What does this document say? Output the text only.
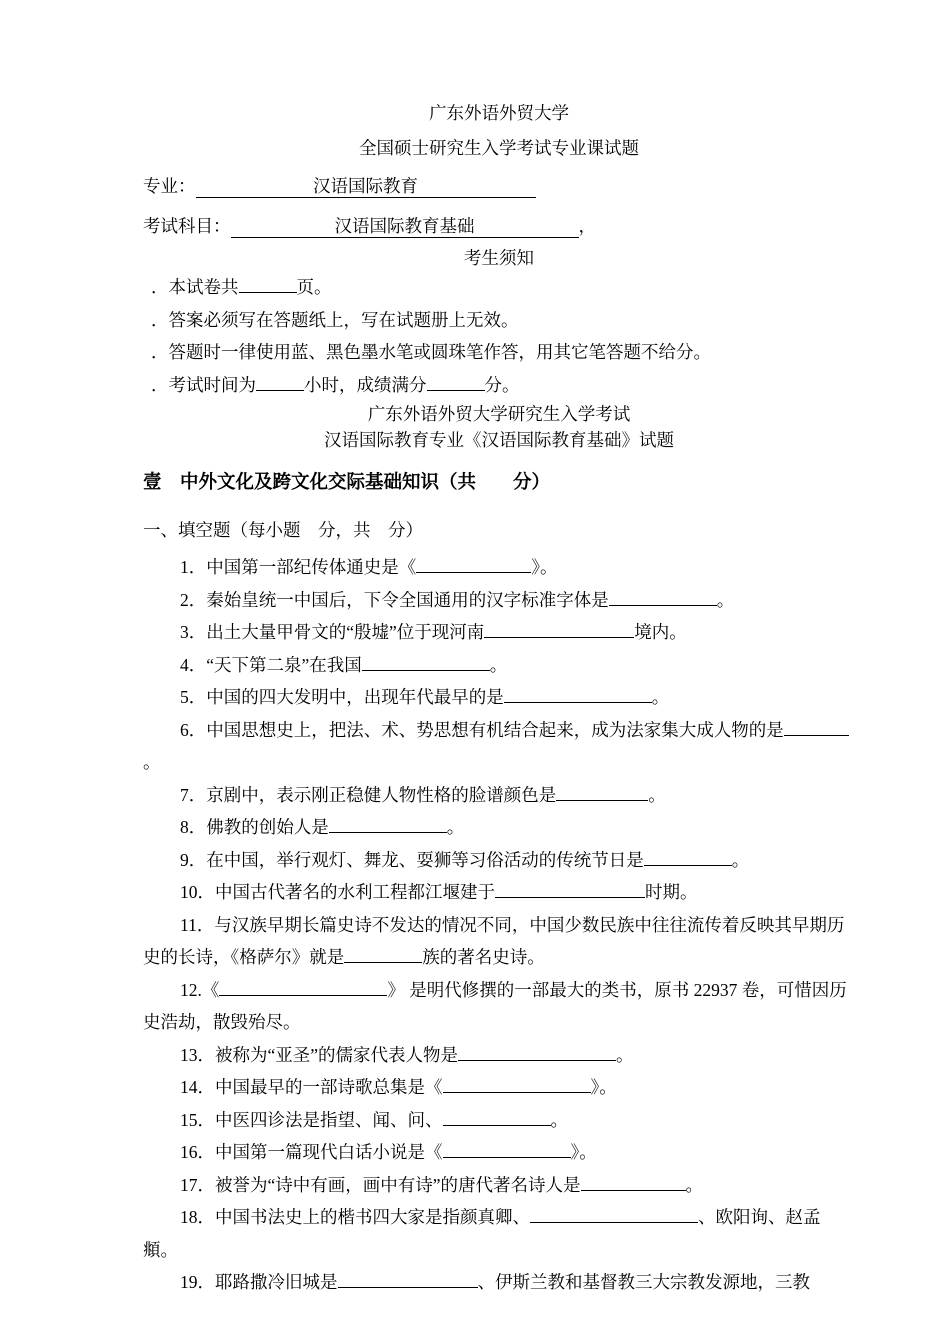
广东外语外贸大学

全国硕士研究生入学考试专业课试题

专业：	汉语国际教育

考试科目：	汉语国际教育基础	，

考生须知

．本试卷共	页。

．答案必须写在答题纸上，写在试题册上无效。

．答题时一律使用蓝、黑色墨水笔或圆珠笔作答，用其它笔答题不给分。

．考试时间为	小时，成绩满分	分。

广东外语外贸大学研究生入学考试

汉语国际教育专业《汉语国际教育基础》试题

壹　中外文化及跨文化交际基础知识（共　　分）

一、填空题（每小题　分，共　分）

1．中国第一部纪传体通史是《	》。

2．秦始皇统一中国后，下令全国通用的汉字标准字体是	。

3．出土大量甲骨文的“殷墟”位于现河南	境内。

4．“天下第二泉”在我国	。

5．中国的四大发明中，出现年代最早的是	。

6．中国思想史上，把法、术、势思想有机结合起来，成为法家集大成人物的是。

7．京剧中，表示刚正稳健人物性格的脸谱颜色是	。

8．佛教的创始人是	。

9．在中国，举行观灯、舞龙、耍狮等习俗活动的传统节日是	。

10．中国古代著名的水利工程都江堰建于	时期。

11．与汉族早期长篇史诗不发达的情况不同，中国少数民族中往往流传着反映其早期历史的长诗，《格萨尔》就是	族的著名史诗。

12.《	》 是明代修撰的一部最大的类书，原书 22937 卷，可惜因历史浩劫，散毁殆尽。

13．被称为“亚圣”的儒家代表人物是	。

14．中国最早的一部诗歌总集是《	》。

15．中医四诊法是指望、闻、问、	。

16．中国第一篇现代白话小说是《	》。

17．被誉为“诗中有画，画中有诗”的唐代著名诗人是	。

18．中国书法史上的楷书四大家是指颜真卿、	、欧阳询、赵孟頫。

19．耶路撒冷旧城是	、伊斯兰教和基督教三大宗教发源地，三教
